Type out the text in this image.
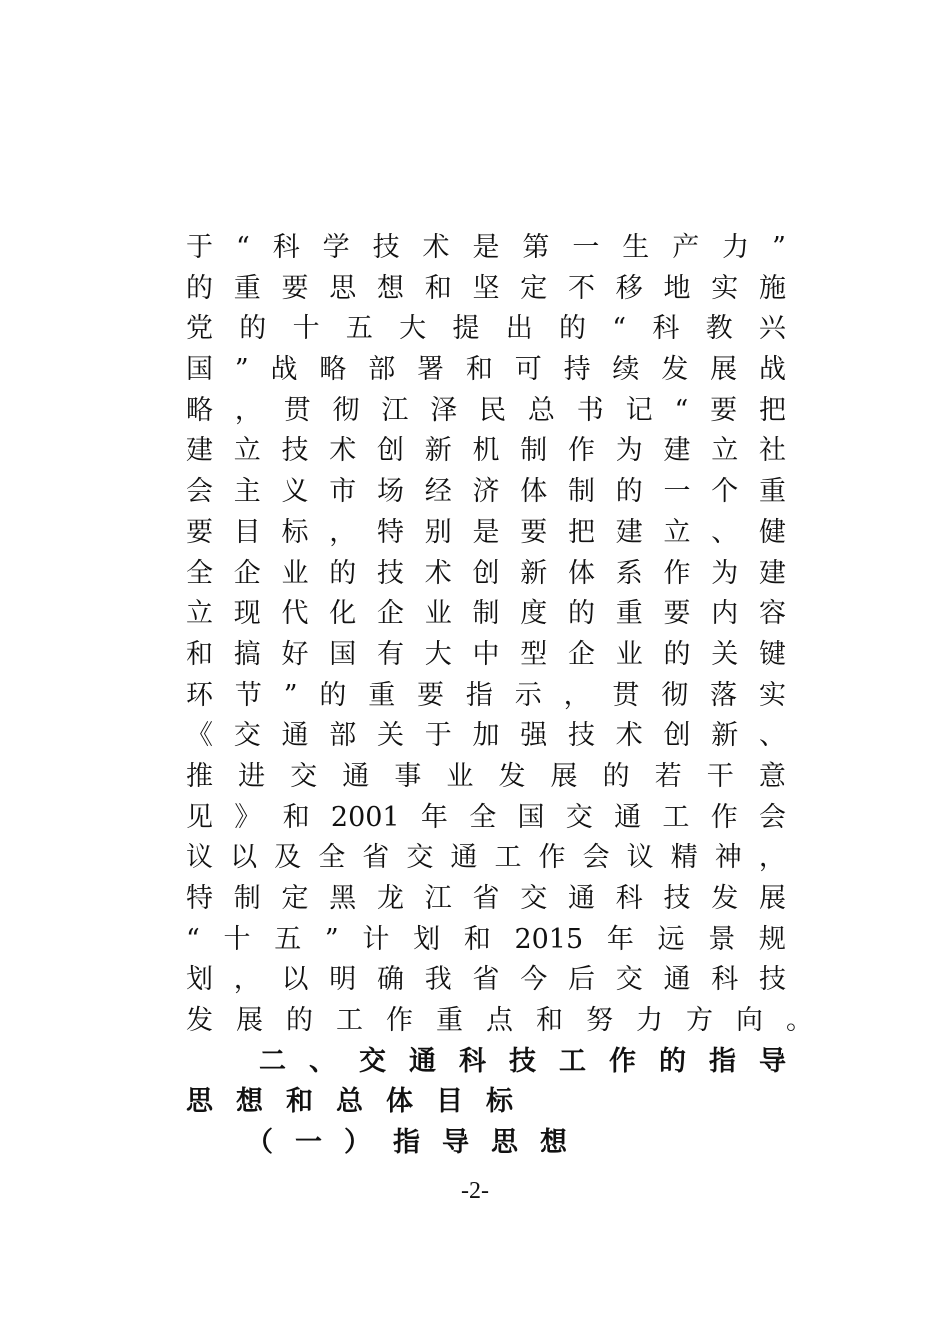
于 “ 科 学 技 术 是 第 一 生 产 力 ”
的 重 要 思 想 和 坚 定 不 移 地 实 施
党 的 十 五 大 提 出 的 “ 科 教 兴
国 ” 战 略 部 署 和 可 持 续 发 展 战
略 ， 贯 彻 江 泽 民 总 书 记 “ 要 把
建 立 技 术 创 新 机 制 作 为 建 立 社
会 主 义 市 场 经 济 体 制 的 一 个 重
要 目 标 ， 特 别 是 要 把 建 立 、 健
全 企 业 的 技 术 创 新 体 系 作 为 建
立 现 代 化 企 业 制 度 的 重 要 内 容
和 搞 好 国 有 大 中 型 企 业 的 关 键
环 节 ” 的 重 要 指 示 ， 贯 彻 落 实
《 交 通 部 关 于 加 强 技 术 创 新 、
推 进 交 通 事 业 发 展 的 若 干 意
见 》 和 2001 年 全 国 交 通 工 作 会
议 以 及 全 省 交 通 工 作 会 议 精 神 ，
特 制 定 黑 龙 江 省 交 通 科 技 发 展
“ 十 五 ” 计 划 和 2015 年 远 景 规
划 ， 以 明 确 我 省 今 后 交 通 科 技
发 展 的 工 作 重 点 和 努 力 方 向 。
二 、 交 通 科 技 工 作 的 指 导
思 想 和 总 体 目 标
（ 一 ） 指 导 思 想
-2-
